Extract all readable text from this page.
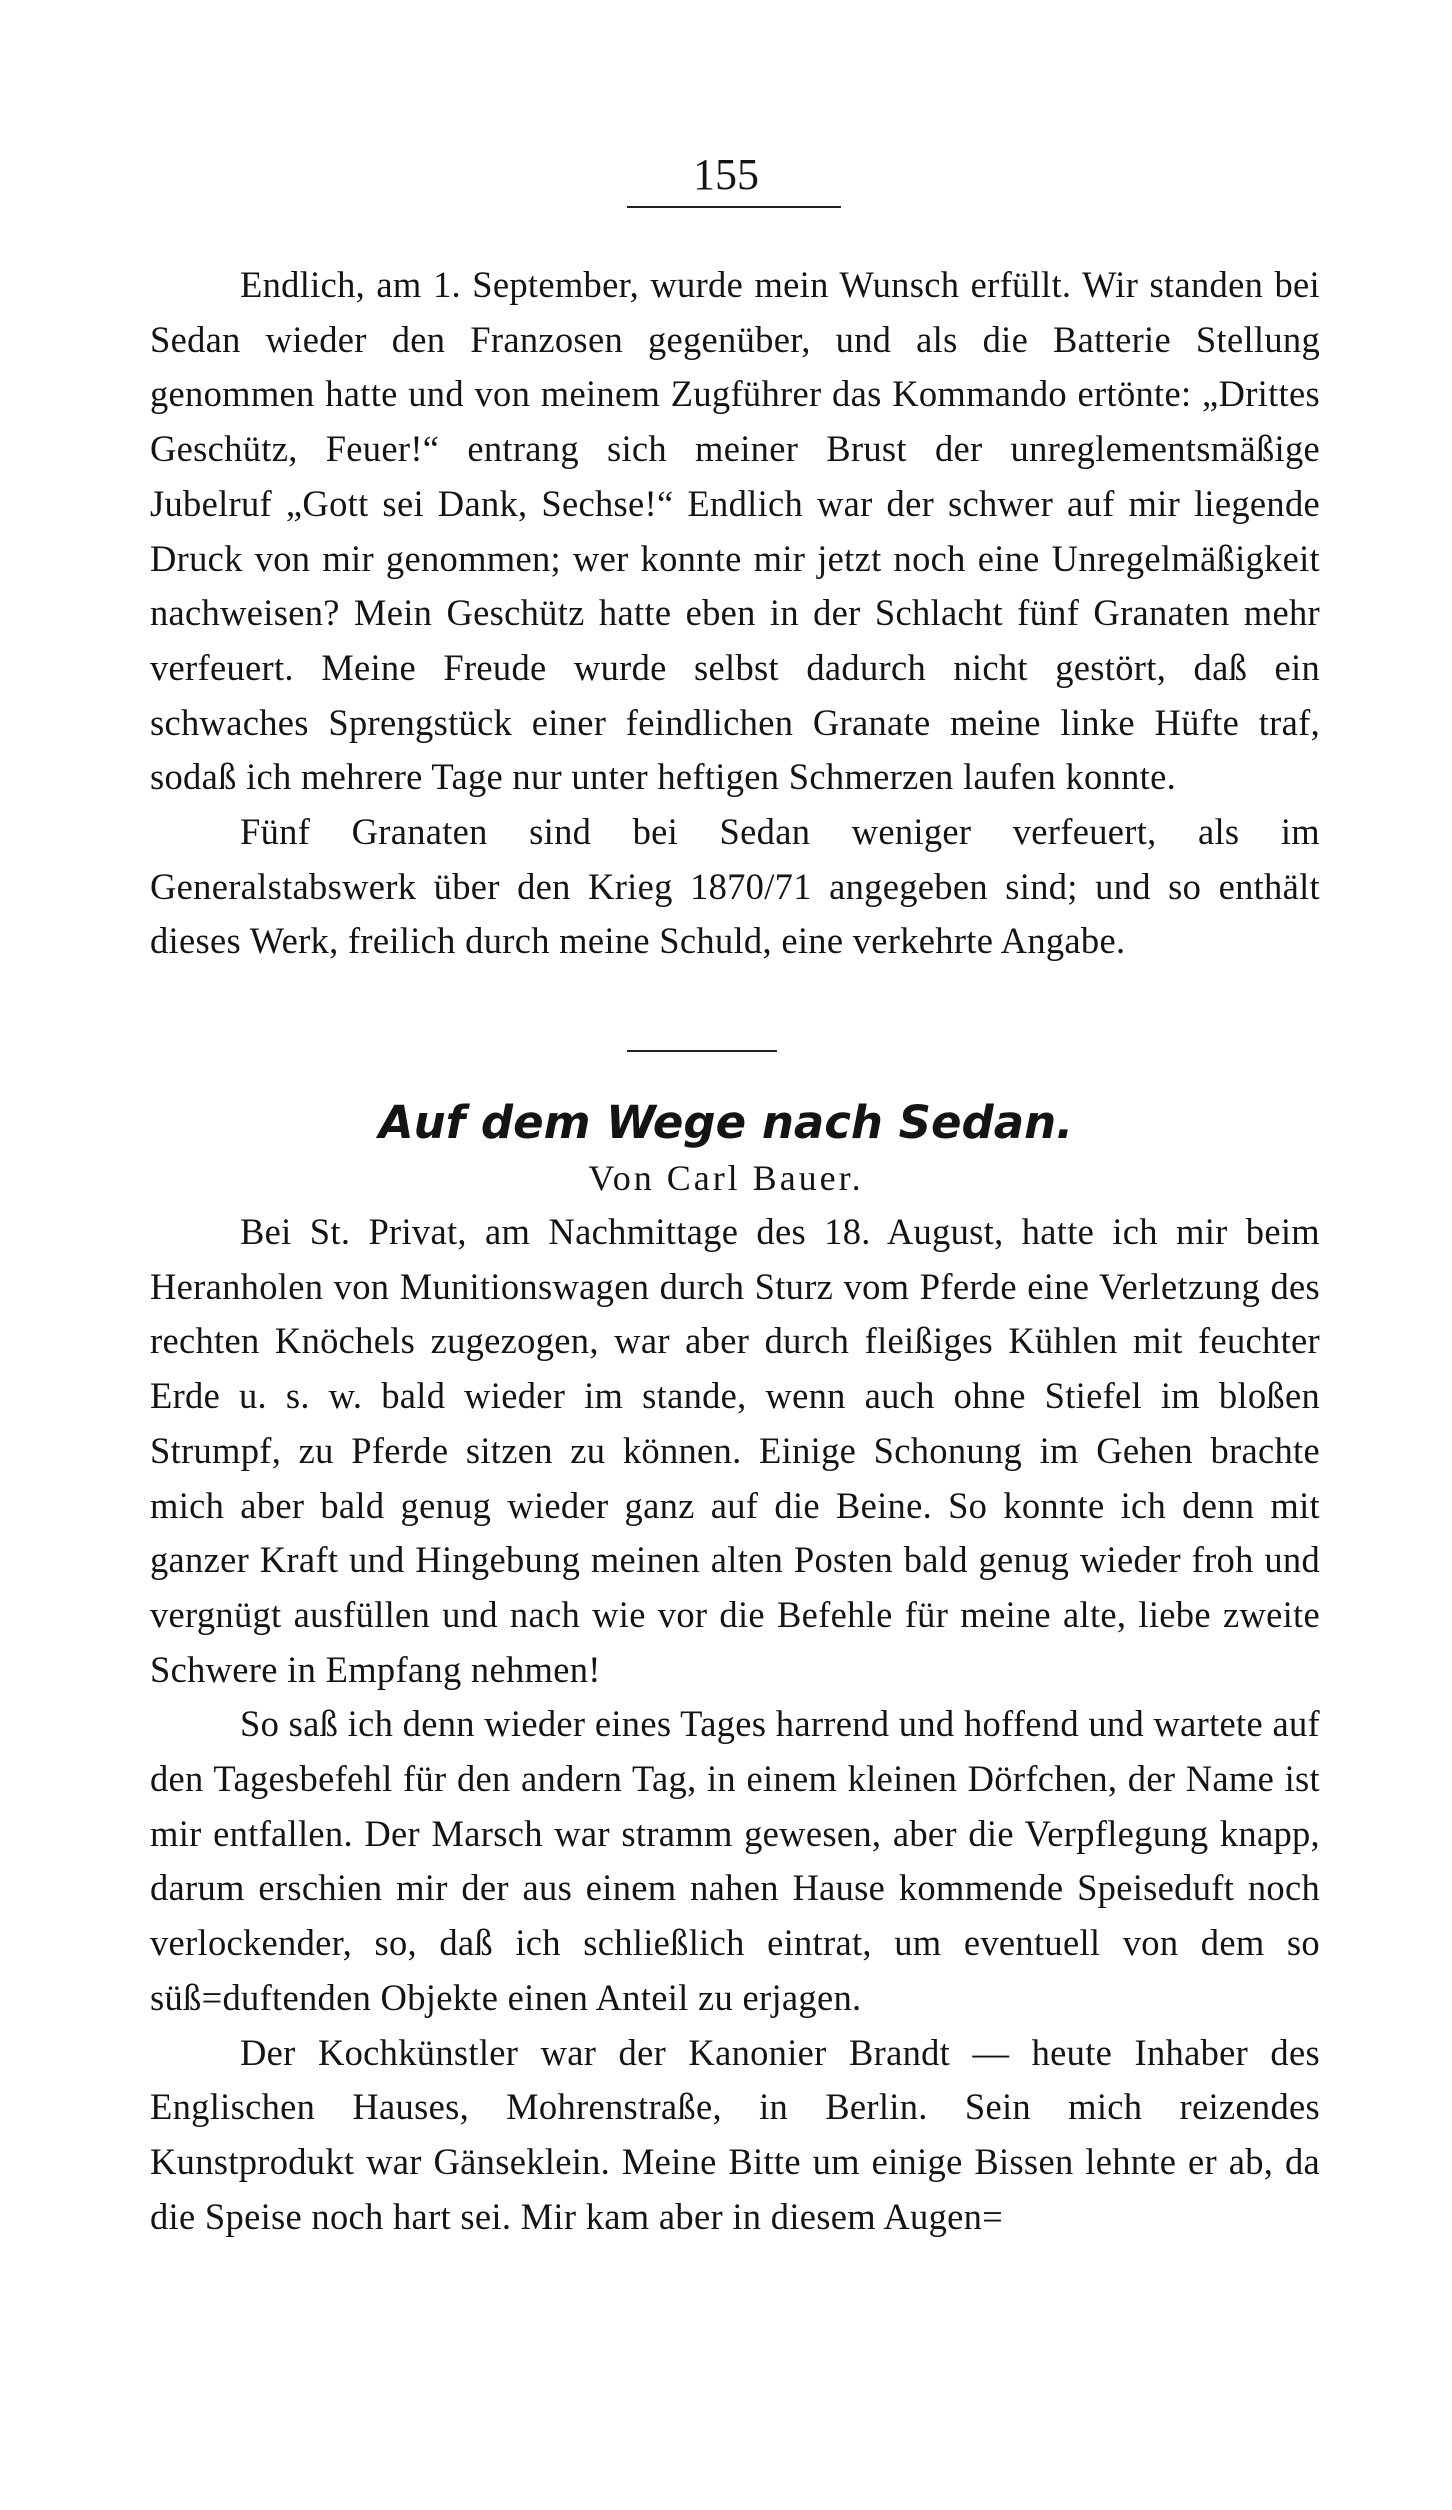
155

Endlich, am 1. September, wurde mein Wunsch erfüllt. Wir standen bei Sedan wieder den Franzosen gegenüber, und als die Batterie Stellung genommen hatte und von meinem Zugführer das Kommando ertönte: „Drittes Geschütz, Feuer!“ entrang sich meiner Brust der unreglementsmäßige Jubelruf „Gott sei Dank, Sechse!“ Endlich war der schwer auf mir liegende Druck von mir genommen; wer konnte mir jetzt noch eine Unregelmäßigkeit nachweisen? Mein Geschütz hatte eben in der Schlacht fünf Granaten mehr verfeuert. Meine Freude wurde selbst dadurch nicht gestört, daß ein schwaches Sprengstück einer feindlichen Granate meine linke Hüfte traf, sodaß ich mehrere Tage nur unter heftigen Schmerzen laufen konnte.

Fünf Granaten sind bei Sedan weniger verfeuert, als im Generalstabswerk über den Krieg 1870/71 angegeben sind; und so enthält dieses Werk, freilich durch meine Schuld, eine verkehrte Angabe.

Auf dem Wege nach Sedan.
Von Carl Bauer.

Bei St. Privat, am Nachmittage des 18. August, hatte ich mir beim Heranholen von Munitionswagen durch Sturz vom Pferde eine Verletzung des rechten Knöchels zugezogen, war aber durch fleißiges Kühlen mit feuchter Erde u. s. w. bald wieder im stande, wenn auch ohne Stiefel im bloßen Strumpf, zu Pferde sitzen zu können. Einige Schonung im Gehen brachte mich aber bald genug wieder ganz auf die Beine. So konnte ich denn mit ganzer Kraft und Hingebung meinen alten Posten bald genug wieder froh und vergnügt ausfüllen und nach wie vor die Befehle für meine alte, liebe zweite Schwere in Empfang nehmen!

So saß ich denn wieder eines Tages harrend und hoffend und wartete auf den Tagesbefehl für den andern Tag, in einem kleinen Dörfchen, der Name ist mir entfallen. Der Marsch war stramm gewesen, aber die Verpflegung knapp, darum erschien mir der aus einem nahen Hause kommende Speiseduft noch verlockender, so, daß ich schließlich eintrat, um eventuell von dem so süß=duftenden Objekte einen Anteil zu erjagen.

Der Kochkünstler war der Kanonier Brandt — heute Inhaber des Englischen Hauses, Mohrenstraße, in Berlin. Sein mich reizendes Kunstprodukt war Gänseklein. Meine Bitte um einige Bissen lehnte er ab, da die Speise noch hart sei. Mir kam aber in diesem Augen=
